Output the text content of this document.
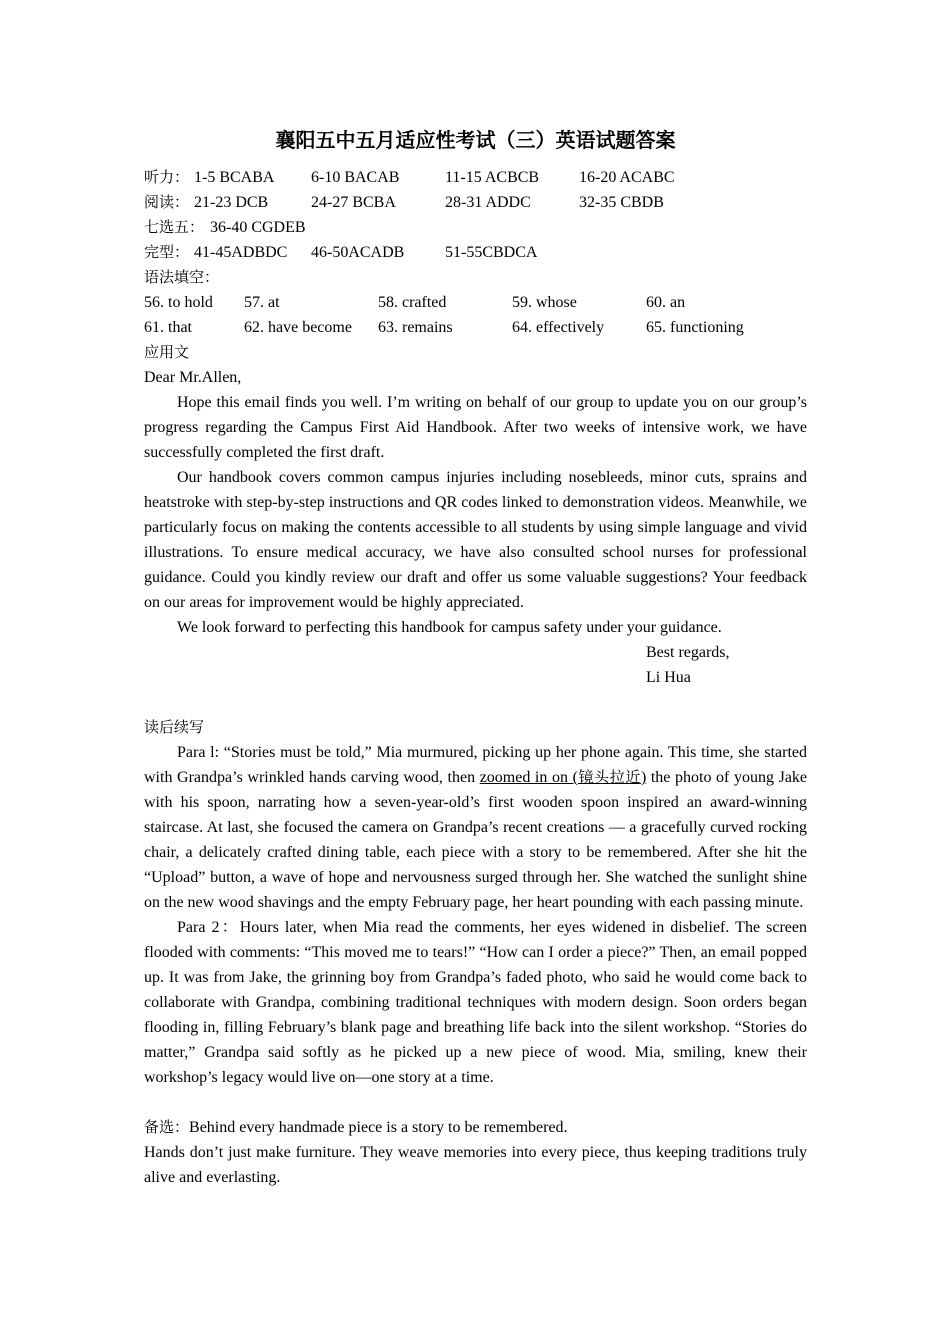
襄阳五中五月适应性考试（三）英语试题答案
听力： 1-5 BCABA 6-10 BACAB	11-15 ACBCB 16-20 ACABC
阅读： 21-23 DCB	24-27 BCBA	28-31 ADDC	32-35 CBDB
七选五： 36-40 CGDEB
完型： 41-45ADBDC 46-50ACADB	51-55CBDCA
语法填空：
56. to hold 57. at	58. crafted	59. whose	60. an
61. that	62. have become 63. remains	64. effectively	65. functioning
应用文
Dear Mr.Allen,

Hope this email finds you well. I’m writing on behalf of our group to update you on our group’s progress regarding the Campus First Aid Handbook. After two weeks of intensive work, we have successfully completed the first draft.

Our handbook covers common campus injuries including nosebleeds, minor cuts, sprains and heatstroke with step-by-step instructions and QR codes linked to demonstration videos. Meanwhile, we particularly focus on making the contents accessible to all students by using simple language and vivid illustrations. To ensure medical accuracy, we have also consulted school nurses for professional guidance. Could you kindly review our draft and offer us some valuable suggestions? Your feedback on our areas for improvement would be highly appreciated.

We look forward to perfecting this handbook for campus safety under your guidance.

Best regards,
Li Hua
读后续写

Para l: “Stories must be told,” Mia murmured, picking up her phone again. This time, she started with Grandpa’s wrinkled hands carving wood, then zoomed in on (镜头拉近) the photo of young Jake with his spoon, narrating how a seven-year-old’s first wooden spoon inspired an award-winning staircase. At last, she focused the camera on Grandpa’s recent creations — a gracefully curved rocking chair, a delicately crafted dining table, each piece with a story to be remembered. After she hit the “Upload” button, a wave of hope and nervousness surged through her. She watched the sunlight shine on the new wood shavings and the empty February page, her heart pounding with each passing minute.

Para 2：Hours later, when Mia read the comments, her eyes widened in disbelief. The screen flooded with comments: “This moved me to tears!” “How can I order a piece?” Then, an email popped up. It was from Jake, the grinning boy from Grandpa’s faded photo, who said he would come back to collaborate with Grandpa, combining traditional techniques with modern design. Soon orders began flooding in, filling February’s blank page and breathing life back into the silent workshop. “Stories do matter,” Grandpa said softly as he picked up a new piece of wood. Mia, smiling, knew their workshop’s legacy would live on—one story at a time.

备选：Behind every handmade piece is a story to be remembered.

Hands don’t just make furniture. They weave memories into every piece, thus keeping traditions truly alive and everlasting.
